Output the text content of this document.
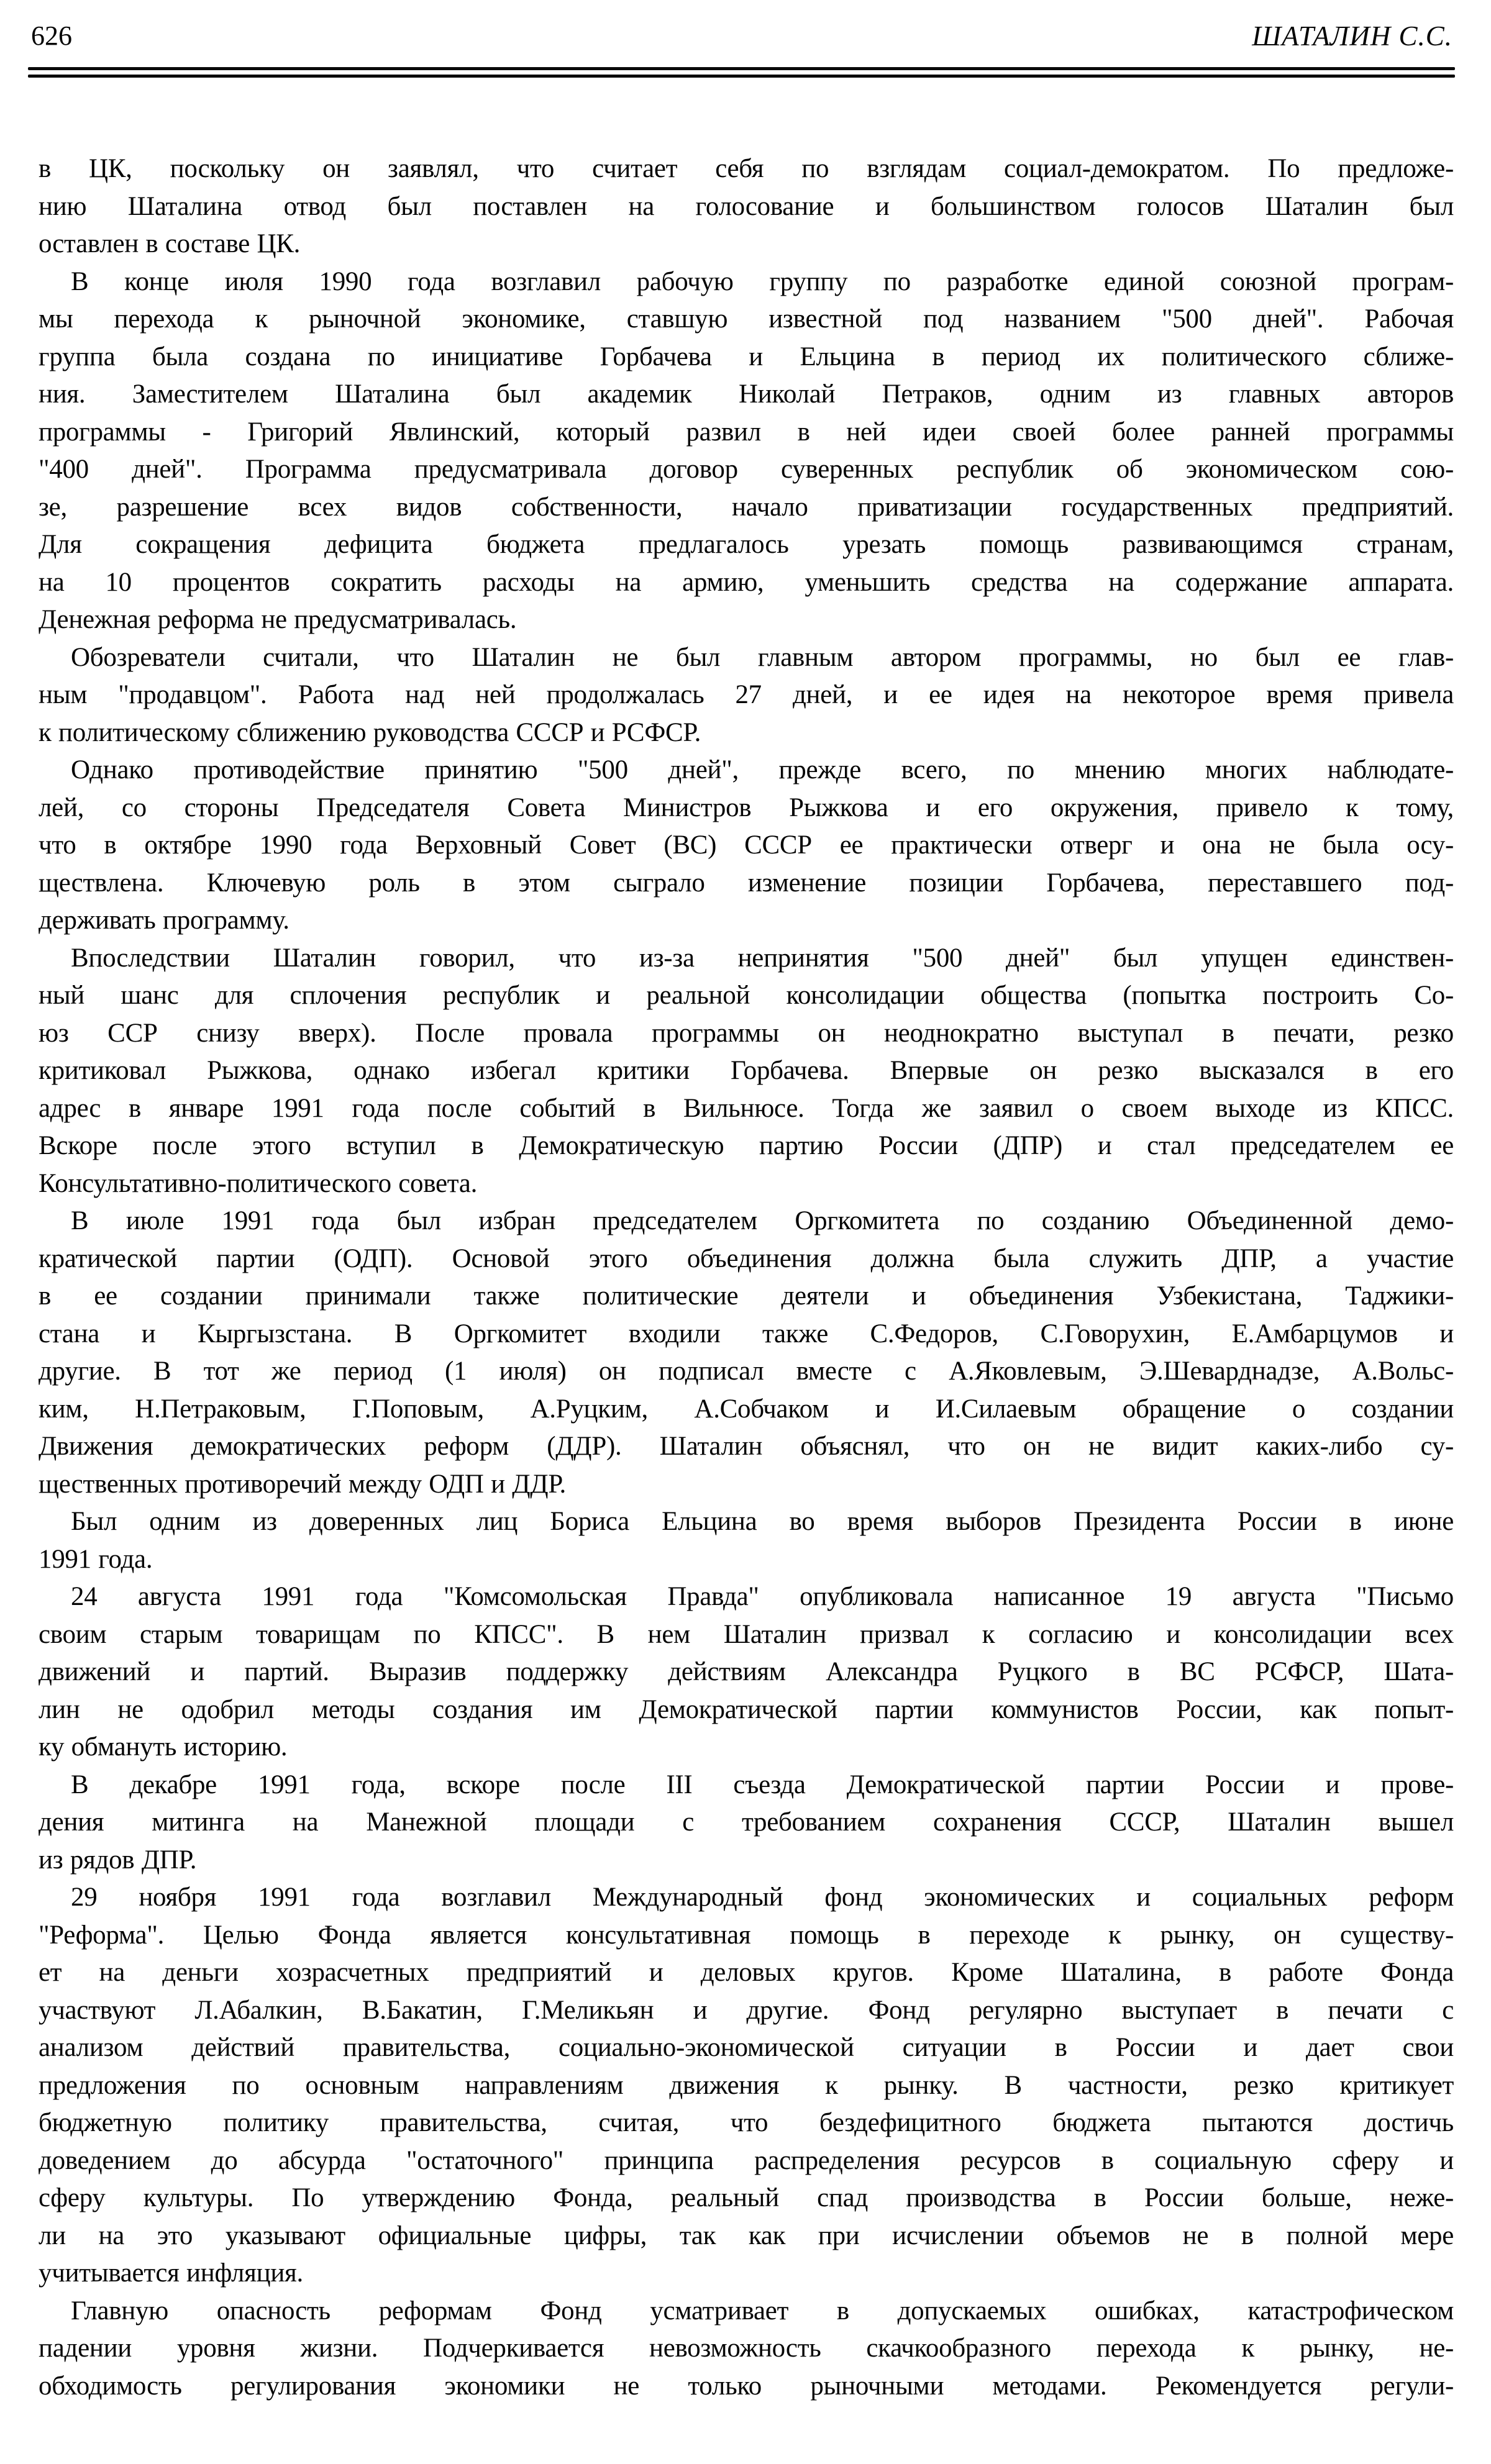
626	ШАТАЛИН С.С.
в ЦК, поскольку он заявлял, что считает себя по взглядам социал-демократом. По предложе-
нию Шаталина отвод был поставлен на голосование и большинством голосов Шаталин был
оставлен в составе ЦК.
В конце июля 1990 года возглавил рабочую группу по разработке единой союзной програм-
мы перехода к рыночной экономике, ставшую известной под названием "500 дней". Рабочая
группа была создана по инициативе Горбачева и Ельцина в период их политического сближе-
ния. Заместителем Шаталина был академик Николай Петраков, одним из главных авторов
программы - Григорий Явлинский, который развил в ней идеи своей более ранней программы
"400 дней". Программа предусматривала договор суверенных республик об экономическом сою-
зе, разрешение всех видов собственности, начало приватизации государственных предприятий.
Для сокращения дефицита бюджета предлагалось урезать помощь развивающимся странам,
на 10 процентов сократить расходы на армию, уменьшить средства на содержание аппарата.
Денежная реформа не предусматривалась.
Обозреватели считали, что Шаталин не был главным автором программы, но был ее глав-
ным "продавцом". Работа над ней продолжалась 27 дней, и ее идея на некоторое время привела
к политическому сближению руководства СССР и РСФСР.
Однако противодействие принятию "500 дней", прежде всего, по мнению многих наблюдате-
лей, со стороны Председателя Совета Министров Рыжкова и его окружения, привело к тому,
что в октябре 1990 года Верховный Совет (ВС) СССР ее практически отверг и она не была осу-
ществлена. Ключевую роль в этом сыграло изменение позиции Горбачева, переставшего под-
держивать программу.
Впоследствии Шаталин говорил, что из-за непринятия "500 дней" был упущен единствен-
ный шанс для сплочения республик и реальной консолидации общества (попытка построить Со-
юз ССР снизу вверх). После провала программы он неоднократно выступал в печати, резко
критиковал Рыжкова, однако избегал критики Горбачева. Впервые он резко высказался в его
адрес в январе 1991 года после событий в Вильнюсе. Тогда же заявил о своем выходе из КПСС.
Вскоре после этого вступил в Демократическую партию России (ДПР) и стал председателем ее
Консультативно-политического совета.
В июле 1991 года был избран председателем Оргкомитета по созданию Объединенной демо-
кратической партии (ОДП). Основой этого объединения должна была служить ДПР, а участие
в ее создании принимали также политические деятели и объединения Узбекистана, Таджики-
стана и Кыргызстана. В Оргкомитет входили также С.Федоров, С.Говорухин, Е.Амбарцумов и
другие. В тот же период (1 июля) он подписал вместе с А.Яковлевым, Э.Шеварднадзе, А.Вольс-
ким, Н.Петраковым, Г.Поповым, А.Руцким, А.Собчаком и И.Силаевым обращение о создании
Движения демократических реформ (ДДР). Шаталин объяснял, что он не видит каких-либо су-
щественных противоречий между ОДП и ДДР.
Был одним из доверенных лиц Бориса Ельцина во время выборов Президента России в июне
1991 года.
24 августа 1991 года "Комсомольская Правда" опубликовала написанное 19 августа "Письмо
своим старым товарищам по КПСС". В нем Шаталин призвал к согласию и консолидации всех
движений и партий. Выразив поддержку действиям Александра Руцкого в ВС РСФСР, Шата-
лин не одобрил методы создания им Демократической партии коммунистов России, как попыт-
ку обмануть историю.
В декабре 1991 года, вскоре после III съезда Демократической партии России и прове-
дения митинга на Манежной площади с требованием сохранения СССР, Шаталин вышел
из рядов ДПР.
29 ноября 1991 года возглавил Международный фонд экономических и социальных реформ
"Реформа". Целью Фонда является консультативная помощь в переходе к рынку, он существу-
ет на деньги хозрасчетных предприятий и деловых кругов. Кроме Шаталина, в работе Фонда
участвуют Л.Абалкин, В.Бакатин, Г.Меликьян и другие. Фонд регулярно выступает в печати с
анализом действий правительства, социально-экономической ситуации в России и дает свои
предложения по основным направлениям движения к рынку. В частности, резко критикует
бюджетную политику правительства, считая, что бездефицитного бюджета пытаются достичь
доведением до абсурда "остаточного" принципа распределения ресурсов в социальную сферу и
сферу культуры. По утверждению Фонда, реальный спад производства в России больше, неже-
ли на это указывают официальные цифры, так как при исчислении объемов не в полной мере
учитывается инфляция.
Главную опасность реформам Фонд усматривает в допускаемых ошибках, катастрофическом
падении уровня жизни. Подчеркивается невозможность скачкообразного перехода к рынку, не-
обходимость регулирования экономики не только рыночными методами. Рекомендуется регули-
